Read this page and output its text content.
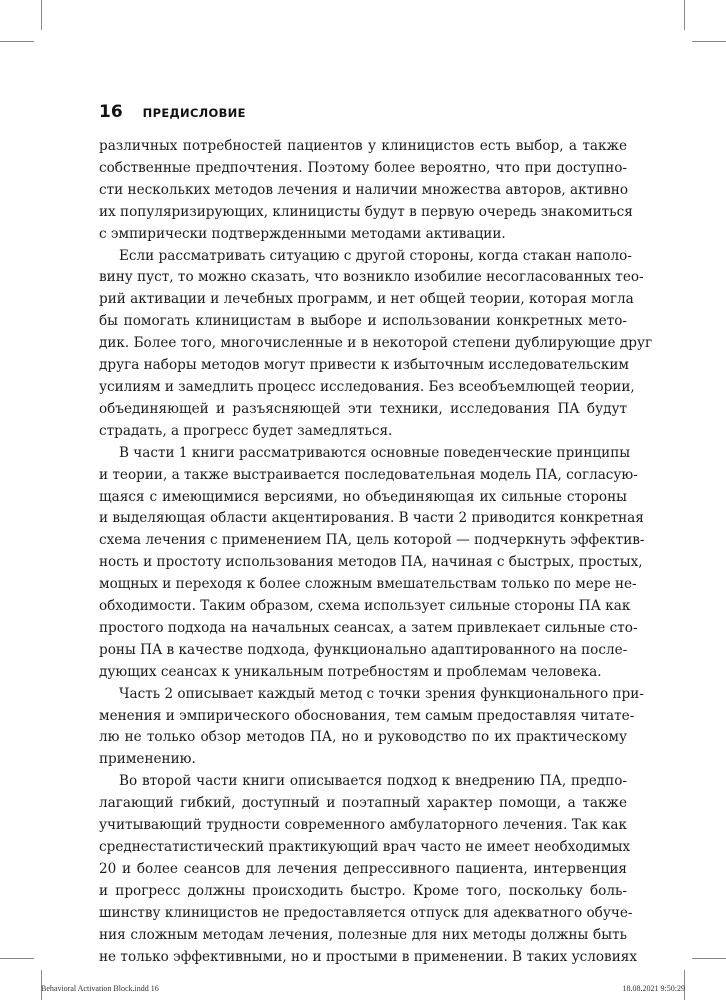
16 ПРЕДИСЛОВИЕ

различных потребностей пациентов у клиницистов есть выбор, а также
собственные предпочтения. Поэтому более вероятно, что при доступно-
сти нескольких методов лечения и наличии множества авторов, активно
их популяризирующих, клиницисты будут в первую очередь знакомиться
с эмпирически подтвержденными методами активации.

Если рассматривать ситуацию с другой стороны, когда стакан наполо-
вину пуст, то можно сказать, что возникло изобилие несогласованных тео-
рий активации и лечебных программ, и нет общей теории, которая могла
бы помогать клиницистам в выборе и использовании конкретных мето-
дик. Более того, многочисленные и в некоторой степени дублирующие друг
друга наборы методов могут привести к избыточным исследовательским
усилиям и замедлить процесс исследования. Без всеобъемлющей теории,
объединяющей и разъясняющей эти техники, исследования ПА будут
страдать, а прогресс будет замедляться.

В части 1 книги рассматриваются основные поведенческие принципы
и теории, а также выстраивается последовательная модель ПА, согласую-
щаяся с имеющимися версиями, но объединяющая их сильные стороны
и выделяющая области акцентирования. В части 2 приводится конкретная
схема лечения с применением ПА, цель которой — подчеркнуть эффектив-
ность и простоту использования методов ПА, начиная с быстрых, простых,
мощных и переходя к более сложным вмешательствам только по мере не-
обходимости. Таким образом, схема использует сильные стороны ПА как
простого подхода на начальных сеансах, а затем привлекает сильные сто-
роны ПА в качестве подхода, функционально адаптированного на после-
дующих сеансах к уникальным потребностям и проблемам человека.

Часть 2 описывает каждый метод с точки зрения функционального при-
менения и эмпирического обоснования, тем самым предоставляя читате-
лю не только обзор методов ПА, но и руководство по их практическому
применению.

Во второй части книги описывается подход к внедрению ПА, предпо-
лагающий гибкий, доступный и поэтапный характер помощи, а также
учитывающий трудности современного амбулаторного лечения. Так как
среднестатистический практикующий врач часто не имеет необходимых
20 и более сеансов для лечения депрессивного пациента, интервенция
и прогресс должны происходить быстро. Кроме того, поскольку боль-
шинству клиницистов не предоставляется отпуск для адекватного обуче-
ния сложным методам лечения, полезные для них методы должны быть
не только эффективными, но и простыми в применении. В таких условиях

Behavioral Activation Block.indd 16	18.08.2021 9:50:29
